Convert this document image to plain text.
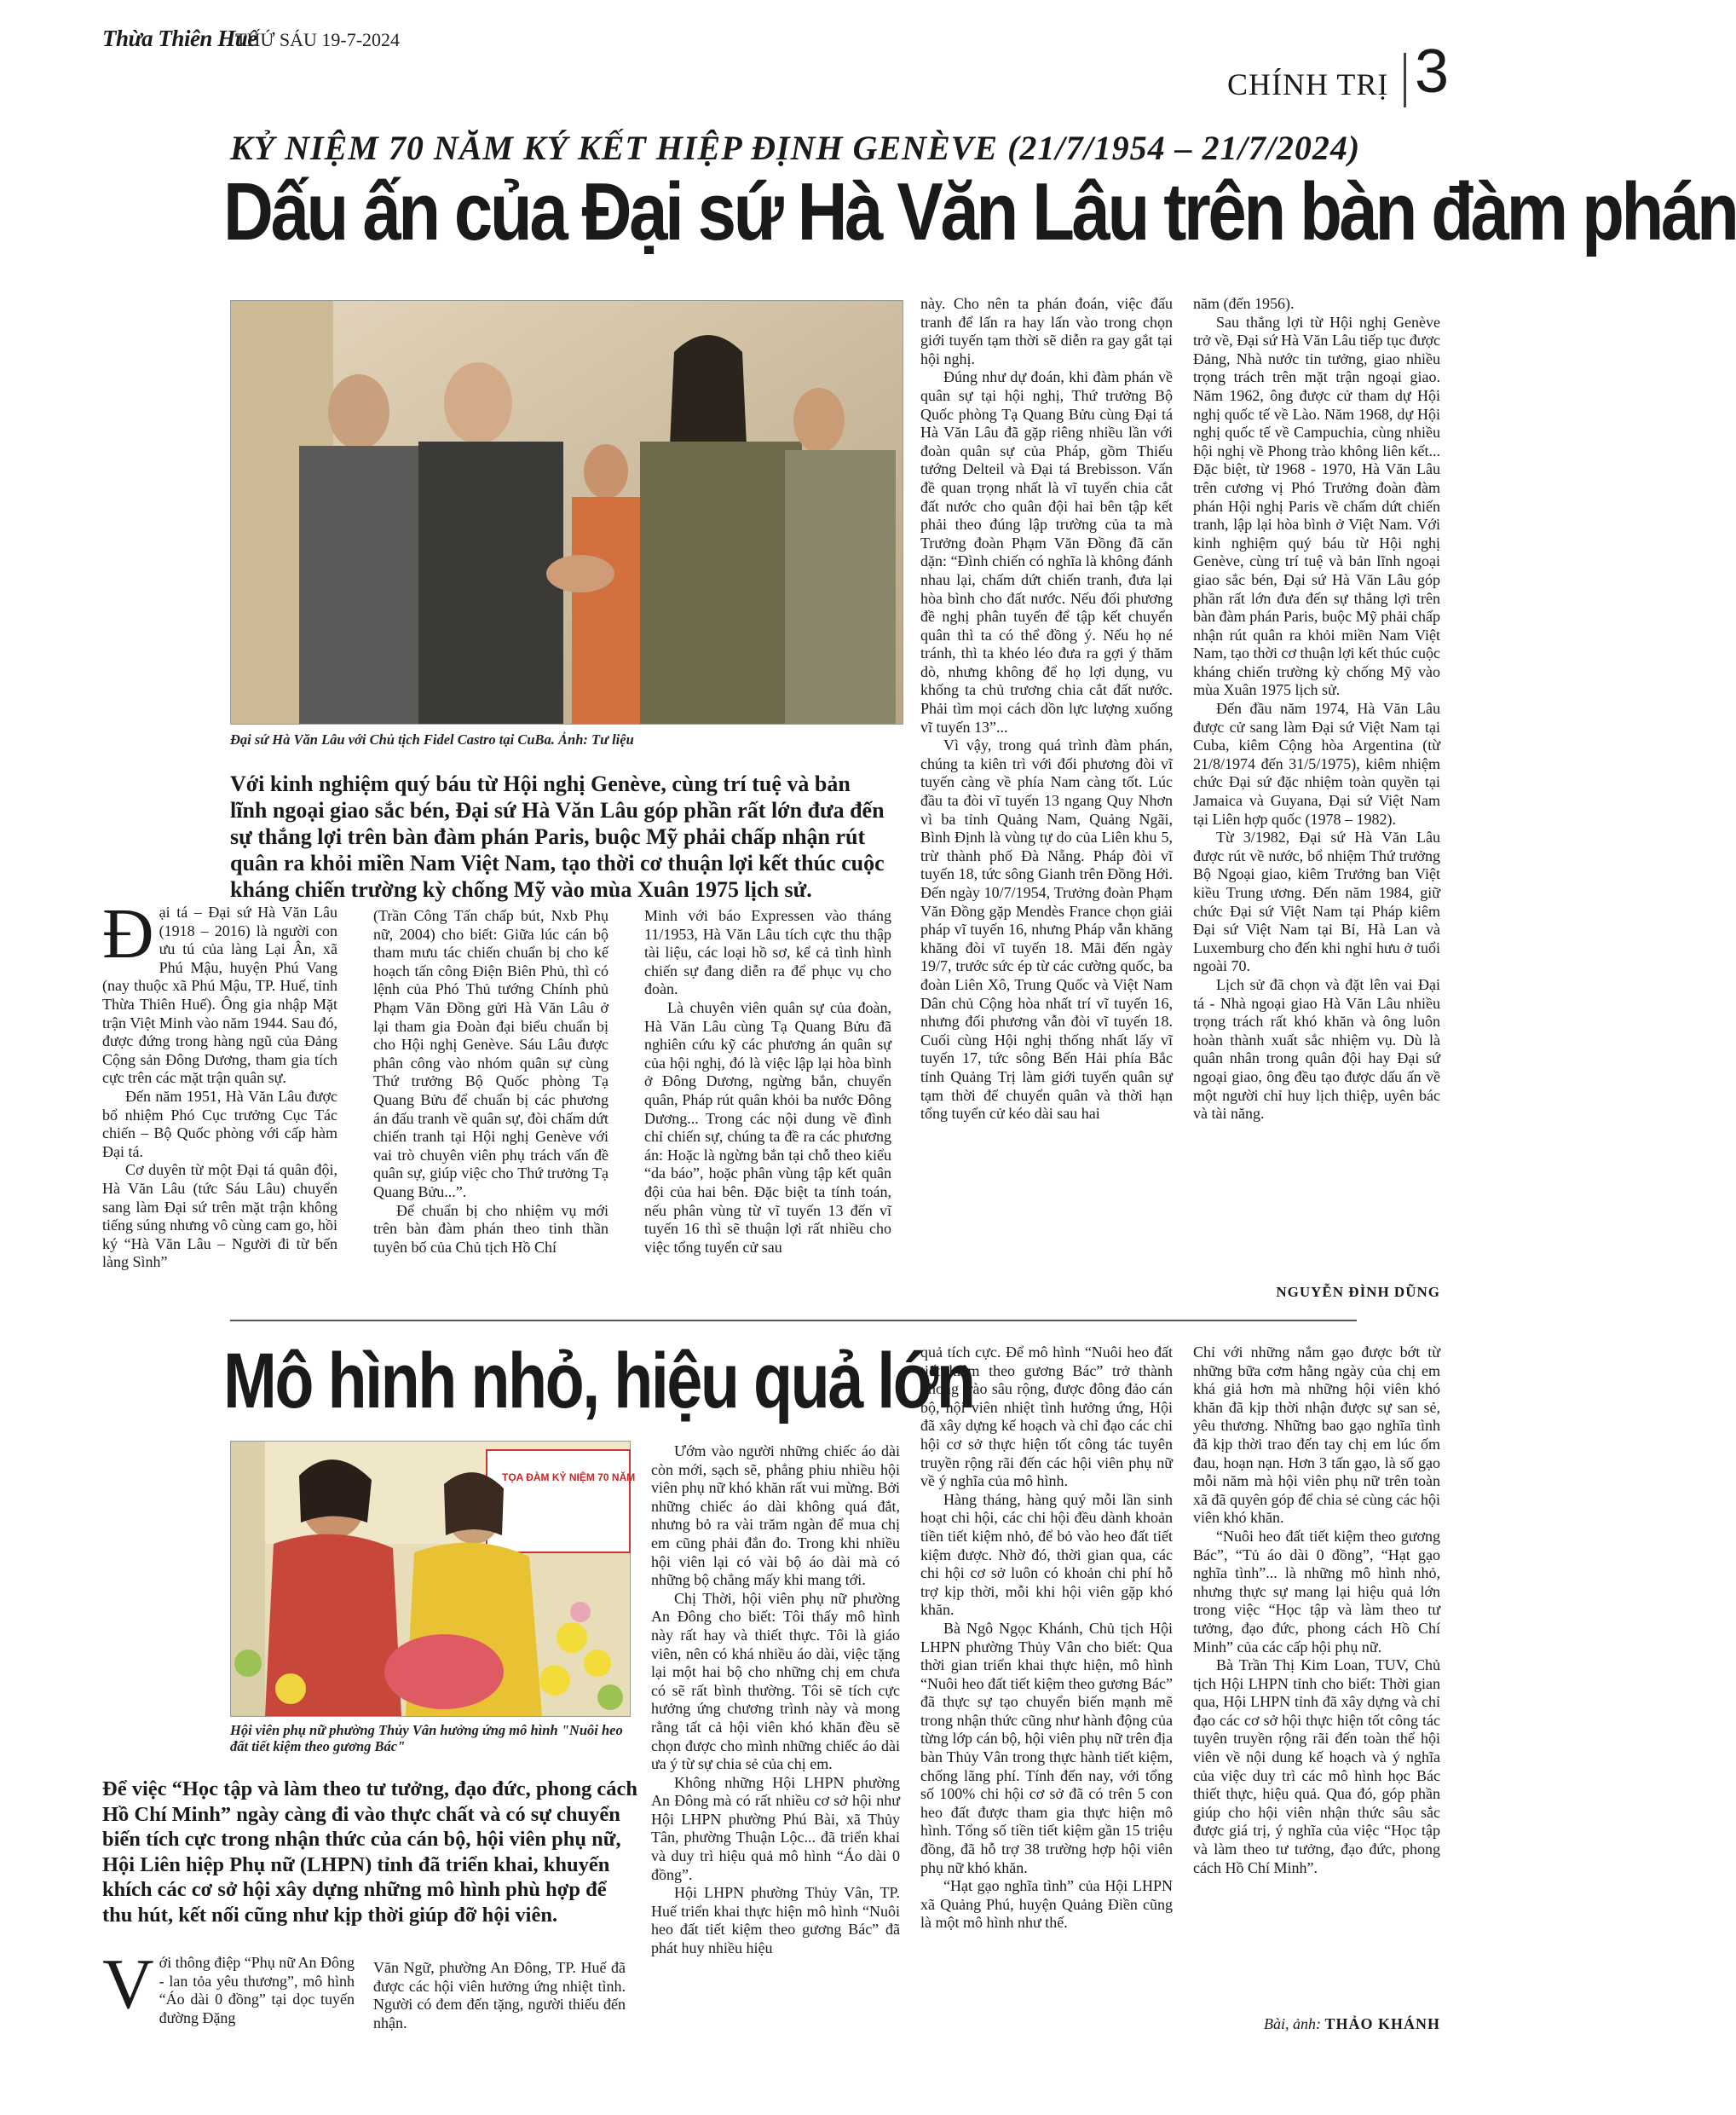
Thừa Thiên Huế
THỨ SÁU 19-7-2024
CHÍNH TRỊ 3
KỶ NIỆM 70 NĂM KÝ KẾT HIỆP ĐỊNH GENÈVE (21/7/1954 – 21/7/2024)
Dấu ấn của Đại sứ Hà Văn Lâu trên bàn đàm phán
Đại sứ Hà Văn Lâu với Chủ tịch Fidel Castro tại CuBa. Ảnh: Tư liệu
Với kinh nghiệm quý báu từ Hội nghị Genève, cùng trí tuệ và bản lĩnh ngoại giao sắc bén, Đại sứ Hà Văn Lâu góp phần rất lớn đưa đến sự thắng lợi trên bàn đàm phán Paris, buộc Mỹ phải chấp nhận rút quân ra khỏi miền Nam Việt Nam, tạo thời cơ thuận lợi kết thúc cuộc kháng chiến trường kỳ chống Mỹ vào mùa Xuân 1975 lịch sử.
Đ ại tá – Đại sứ Hà Văn Lâu (1918 – 2016) là người con ưu tú của làng Lại Ân, xã Phú Mậu, huyện Phú Vang (nay thuộc xã Phú Mậu, TP. Huế, tỉnh Thừa Thiên Huế). Ông gia nhập Mặt trận Việt Minh vào năm 1944. Sau đó, được đứng trong hàng ngũ của Đảng Cộng sản Đông Dương, tham gia tích cực trên các mặt trận quân sự.

Đến năm 1951, Hà Văn Lâu được bổ nhiệm Phó Cục trưởng Cục Tác chiến – Bộ Quốc phòng với cấp hàm Đại tá.

Cơ duyên từ một Đại tá quân đội, Hà Văn Lâu (tức Sáu Lâu) chuyển sang làm Đại sứ trên mặt trận không tiếng súng nhưng vô cùng cam go, hồi ký “Hà Văn Lâu – Người đi từ bến làng Sình”

(Trần Công Tấn chấp bút, Nxb Phụ nữ, 2004) cho biết: Giữa lúc cán bộ tham mưu tác chiến chuẩn bị cho kế hoạch tấn công Điện Biên Phủ, thì có lệnh của Phó Thủ tướng Chính phủ Phạm Văn Đồng gửi Hà Văn Lâu ở lại tham gia Đoàn đại biểu chuẩn bị cho Hội nghị Genève. Sáu Lâu được phân công vào nhóm quân sự cùng Thứ trưởng Bộ Quốc phòng Tạ Quang Bửu để chuẩn bị các phương án đấu tranh về quân sự, đòi chấm dứt chiến tranh tại Hội nghị Genève với vai trò chuyên viên phụ trách vấn đề quân sự, giúp việc cho Thứ trưởng Tạ Quang Bửu...”.

Để chuẩn bị cho nhiệm vụ mới trên bàn đàm phán theo tinh thần tuyên bố của Chủ tịch Hồ Chí

Minh với báo Expressen vào tháng 11/1953, Hà Văn Lâu tích cực thu thập tài liệu, các loại hồ sơ, kể cả tình hình chiến sự đang diễn ra để phục vụ cho đoàn.

Là chuyên viên quân sự của đoàn, Hà Văn Lâu cùng Tạ Quang Bửu đã nghiên cứu kỹ các phương án quân sự của hội nghị, đó là việc lập lại hòa bình ở Đông Dương, ngừng bắn, chuyển quân, Pháp rút quân khỏi ba nước Đông Dương... Trong các nội dung về đình chỉ chiến sự, chúng ta đề ra các phương án: Hoặc là ngừng bắn tại chỗ theo kiểu “da báo”, hoặc phân vùng tập kết quân đội của hai bên. Đặc biệt ta tính toán, nếu phân vùng từ vĩ tuyến 13 đến vĩ tuyến 16 thì sẽ thuận lợi rất nhiều cho việc tổng tuyển cử sau

này. Cho nên ta phán đoán, việc đấu tranh để lấn ra hay lấn vào trong chọn giới tuyến tạm thời sẽ diễn ra gay gắt tại hội nghị.

Đúng như dự đoán, khi đàm phán về quân sự tại hội nghị, Thứ trưởng Bộ Quốc phòng Tạ Quang Bửu cùng Đại tá Hà Văn Lâu đã gặp riêng nhiều lần với đoàn quân sự của Pháp, gồm Thiếu tướng Delteil và Đại tá Brebisson. Vấn đề quan trọng nhất là vĩ tuyến chia cắt đất nước cho quân đội hai bên tập kết phải theo đúng lập trường của ta mà Trưởng đoàn Phạm Văn Đồng đã căn dặn: “Đình chiến có nghĩa là không đánh nhau lại, chấm dứt chiến tranh, đưa lại hòa bình cho đất nước. Nếu đối phương đề nghị phân tuyến để tập kết chuyển quân thì ta có thể đồng ý. Nếu họ né tránh, thì ta khéo léo đưa ra gợi ý thăm dò, nhưng không để họ lợi dụng, vu khống ta chủ trương chia cắt đất nước. Phải tìm mọi cách dồn lực lượng xuống vĩ tuyến 13”...

Vì vậy, trong quá trình đàm phán, chúng ta kiên trì với đối phương đòi vĩ tuyến càng về phía Nam càng tốt. Lúc đầu ta đòi vĩ tuyến 13 ngang Quy Nhơn vì ba tỉnh Quảng Nam, Quảng Ngãi, Bình Định là vùng tự do của Liên khu 5, trừ thành phố Đà Nẵng. Pháp đòi vĩ tuyến 18, tức sông Gianh trên Đồng Hới. Đến ngày 10/7/1954, Trưởng đoàn Phạm Văn Đồng gặp Mendès France chọn giải pháp vĩ tuyến 16, nhưng Pháp vẫn khăng khăng đòi vĩ tuyến 18. Mãi đến ngày 19/7, trước sức ép từ các cường quốc, ba đoàn Liên Xô, Trung Quốc và Việt Nam Dân chủ Cộng hòa nhất trí vĩ tuyến 16, nhưng đối phương vẫn đòi vĩ tuyến 18. Cuối cùng Hội nghị thống nhất lấy vĩ tuyến 17, tức sông Bến Hải phía Bắc tỉnh Quảng Trị làm giới tuyến quân sự tạm thời để chuyển quân và thời hạn tổng tuyển cử kéo dài sau hai

năm (đến 1956).

Sau thắng lợi từ Hội nghị Genève trở về, Đại sứ Hà Văn Lâu tiếp tục được Đảng, Nhà nước tin tưởng, giao nhiều trọng trách trên mặt trận ngoại giao. Năm 1962, ông được cử tham dự Hội nghị quốc tế về Lào. Năm 1968, dự Hội nghị quốc tế về Campuchia, cùng nhiều hội nghị về Phong trào không liên kết... Đặc biệt, từ 1968 - 1970, Hà Văn Lâu trên cương vị Phó Trưởng đoàn đàm phán Hội nghị Paris về chấm dứt chiến tranh, lập lại hòa bình ở Việt Nam. Với kinh nghiệm quý báu từ Hội nghị Genève, cùng trí tuệ và bản lĩnh ngoại giao sắc bén, Đại sứ Hà Văn Lâu góp phần rất lớn đưa đến sự thắng lợi trên bàn đàm phán Paris, buộc Mỹ phải chấp nhận rút quân ra khỏi miền Nam Việt Nam, tạo thời cơ thuận lợi kết thúc cuộc kháng chiến trường kỳ chống Mỹ vào mùa Xuân 1975 lịch sử.

Đến đầu năm 1974, Hà Văn Lâu được cử sang làm Đại sứ Việt Nam tại Cuba, kiêm Cộng hòa Argentina (từ 21/8/1974 đến 31/5/1975), kiêm nhiệm chức Đại sứ đặc nhiệm toàn quyền tại Jamaica và Guyana, Đại sứ Việt Nam tại Liên hợp quốc (1978 – 1982).

Từ 3/1982, Đại sứ Hà Văn Lâu được rút về nước, bổ nhiệm Thứ trưởng Bộ Ngoại giao, kiêm Trưởng ban Việt kiều Trung ương. Đến năm 1984, giữ chức Đại sứ Việt Nam tại Pháp kiêm Đại sứ Việt Nam tại Bỉ, Hà Lan và Luxemburg cho đến khi nghỉ hưu ở tuổi ngoài 70.

Lịch sử đã chọn và đặt lên vai Đại tá - Nhà ngoại giao Hà Văn Lâu nhiều trọng trách rất khó khăn và ông luôn hoàn thành xuất sắc nhiệm vụ. Dù là quân nhân trong quân đội hay Đại sứ ngoại giao, ông đều tạo được dấu ấn về một người chỉ huy lịch thiệp, uyên bác và tài năng.

NGUYỄN ĐÌNH DŨNG
Mô hình nhỏ, hiệu quả lớn
TỌA ĐÀM KỶ NIỆM 70 NĂM
Hội viên phụ nữ phường Thủy Vân hưởng ứng mô hình "Nuôi heo đất tiết kiệm theo gương Bác"
Để việc “Học tập và làm theo tư tưởng, đạo đức, phong cách Hồ Chí Minh” ngày càng đi vào thực chất và có sự chuyển biến tích cực trong nhận thức của cán bộ, hội viên phụ nữ, Hội Liên hiệp Phụ nữ (LHPN) tỉnh đã triển khai, khuyến khích các cơ sở hội xây dựng những mô hình phù hợp để thu hút, kết nối cũng như kịp thời giúp đỡ hội viên.
V ới thông điệp “Phụ nữ An Đông - lan tỏa yêu thương”, mô hình “Áo dài 0 đồng” tại dọc tuyến đường Đặng

Văn Ngữ, phường An Đông, TP. Huế đã được các hội viên hưởng ứng nhiệt tình. Người có đem đến tặng, người thiếu đến nhận.

Ướm vào người những chiếc áo dài còn mới, sạch sẽ, phẳng phiu nhiều hội viên phụ nữ khó khăn rất vui mừng. Bởi những chiếc áo dài không quá đắt, nhưng bỏ ra vài trăm ngàn để mua chị em cũng phải đắn đo. Trong khi nhiều hội viên lại có vài bộ áo dài mà có những bộ chẳng mấy khi mang tới.

Chị Thời, hội viên phụ nữ phường An Đông cho biết: Tôi thấy mô hình này rất hay và thiết thực. Tôi là giáo viên, nên có khá nhiều áo dài, việc tặng lại một hai bộ cho những chị em chưa có sẽ rất bình thường. Tôi sẽ tích cực hưởng ứng chương trình này và mong rằng tất cả hội viên khó khăn đều sẽ chọn được cho mình những chiếc áo dài ưa ý từ sự chia sẻ của chị em.

Không những Hội LHPN phường An Đông mà có rất nhiều cơ sở hội như Hội LHPN phường Phú Bài, xã Thủy Tân, phường Thuận Lộc... đã triển khai và duy trì hiệu quả mô hình “Áo dài 0 đồng”.

Hội LHPN phường Thủy Vân, TP. Huế triển khai thực hiện mô hình “Nuôi heo đất tiết kiệm theo gương Bác” đã phát huy nhiều hiệu

quả tích cực. Để mô hình “Nuôi heo đất tiết kiệm theo gương Bác” trở thành phong trào sâu rộng, được đông đảo cán bộ, hội viên nhiệt tình hưởng ứng, Hội đã xây dựng kế hoạch và chỉ đạo các chi hội cơ sở thực hiện tốt công tác tuyên truyền rộng rãi đến các hội viên phụ nữ về ý nghĩa của mô hình.

Hàng tháng, hàng quý mỗi lần sinh hoạt chi hội, các chi hội đều dành khoản tiền tiết kiệm nhỏ, để bỏ vào heo đất tiết kiệm được. Nhờ đó, thời gian qua, các chi hội cơ sở luôn có khoản chi phí hỗ trợ kịp thời, mỗi khi hội viên gặp khó khăn.

Bà Ngô Ngọc Khánh, Chủ tịch Hội LHPN phường Thủy Vân cho biết: Qua thời gian triển khai thực hiện, mô hình “Nuôi heo đất tiết kiệm theo gương Bác” đã thực sự tạo chuyển biến mạnh mẽ trong nhận thức cũng như hành động của từng lớp cán bộ, hội viên phụ nữ trên địa bàn Thủy Vân trong thực hành tiết kiệm, chống lãng phí. Tính đến nay, với tổng số 100% chi hội cơ sở đã có trên 5 con heo đất được tham gia thực hiện mô hình. Tổng số tiền tiết kiệm gần 15 triệu đồng, đã hỗ trợ 38 trường hợp hội viên phụ nữ khó khăn.

“Hạt gạo nghĩa tình” của Hội LHPN xã Quảng Phú, huyện Quảng Điền cũng là một mô hình như thế.

Chỉ với những nắm gạo được bớt từ những bữa cơm hằng ngày của chị em khá giả hơn mà những hội viên khó khăn đã kịp thời nhận được sự san sẻ, yêu thương. Những bao gạo nghĩa tình đã kịp thời trao đến tay chị em lúc ốm đau, hoạn nạn. Hơn 3 tấn gạo, là số gạo mỗi năm mà hội viên phụ nữ trên toàn xã đã quyên góp để chia sẻ cùng các hội viên khó khăn.

“Nuôi heo đất tiết kiệm theo gương Bác”, “Tủ áo dài 0 đồng”, “Hạt gạo nghĩa tình”... là những mô hình nhỏ, nhưng thực sự mang lại hiệu quả lớn trong việc “Học tập và làm theo tư tưởng, đạo đức, phong cách Hồ Chí Minh” của các cấp hội phụ nữ.

Bà Trần Thị Kim Loan, TUV, Chủ tịch Hội LHPN tỉnh cho biết: Thời gian qua, Hội LHPN tỉnh đã xây dựng và chỉ đạo các cơ sở hội thực hiện tốt công tác tuyên truyền rộng rãi đến toàn thể hội viên về nội dung kế hoạch và ý nghĩa của việc duy trì các mô hình học Bác thiết thực, hiệu quả. Qua đó, góp phần giúp cho hội viên nhận thức sâu sắc được giá trị, ý nghĩa của việc “Học tập và làm theo tư tưởng, đạo đức, phong cách Hồ Chí Minh”.

Bài, ảnh: THẢO KHÁNH
